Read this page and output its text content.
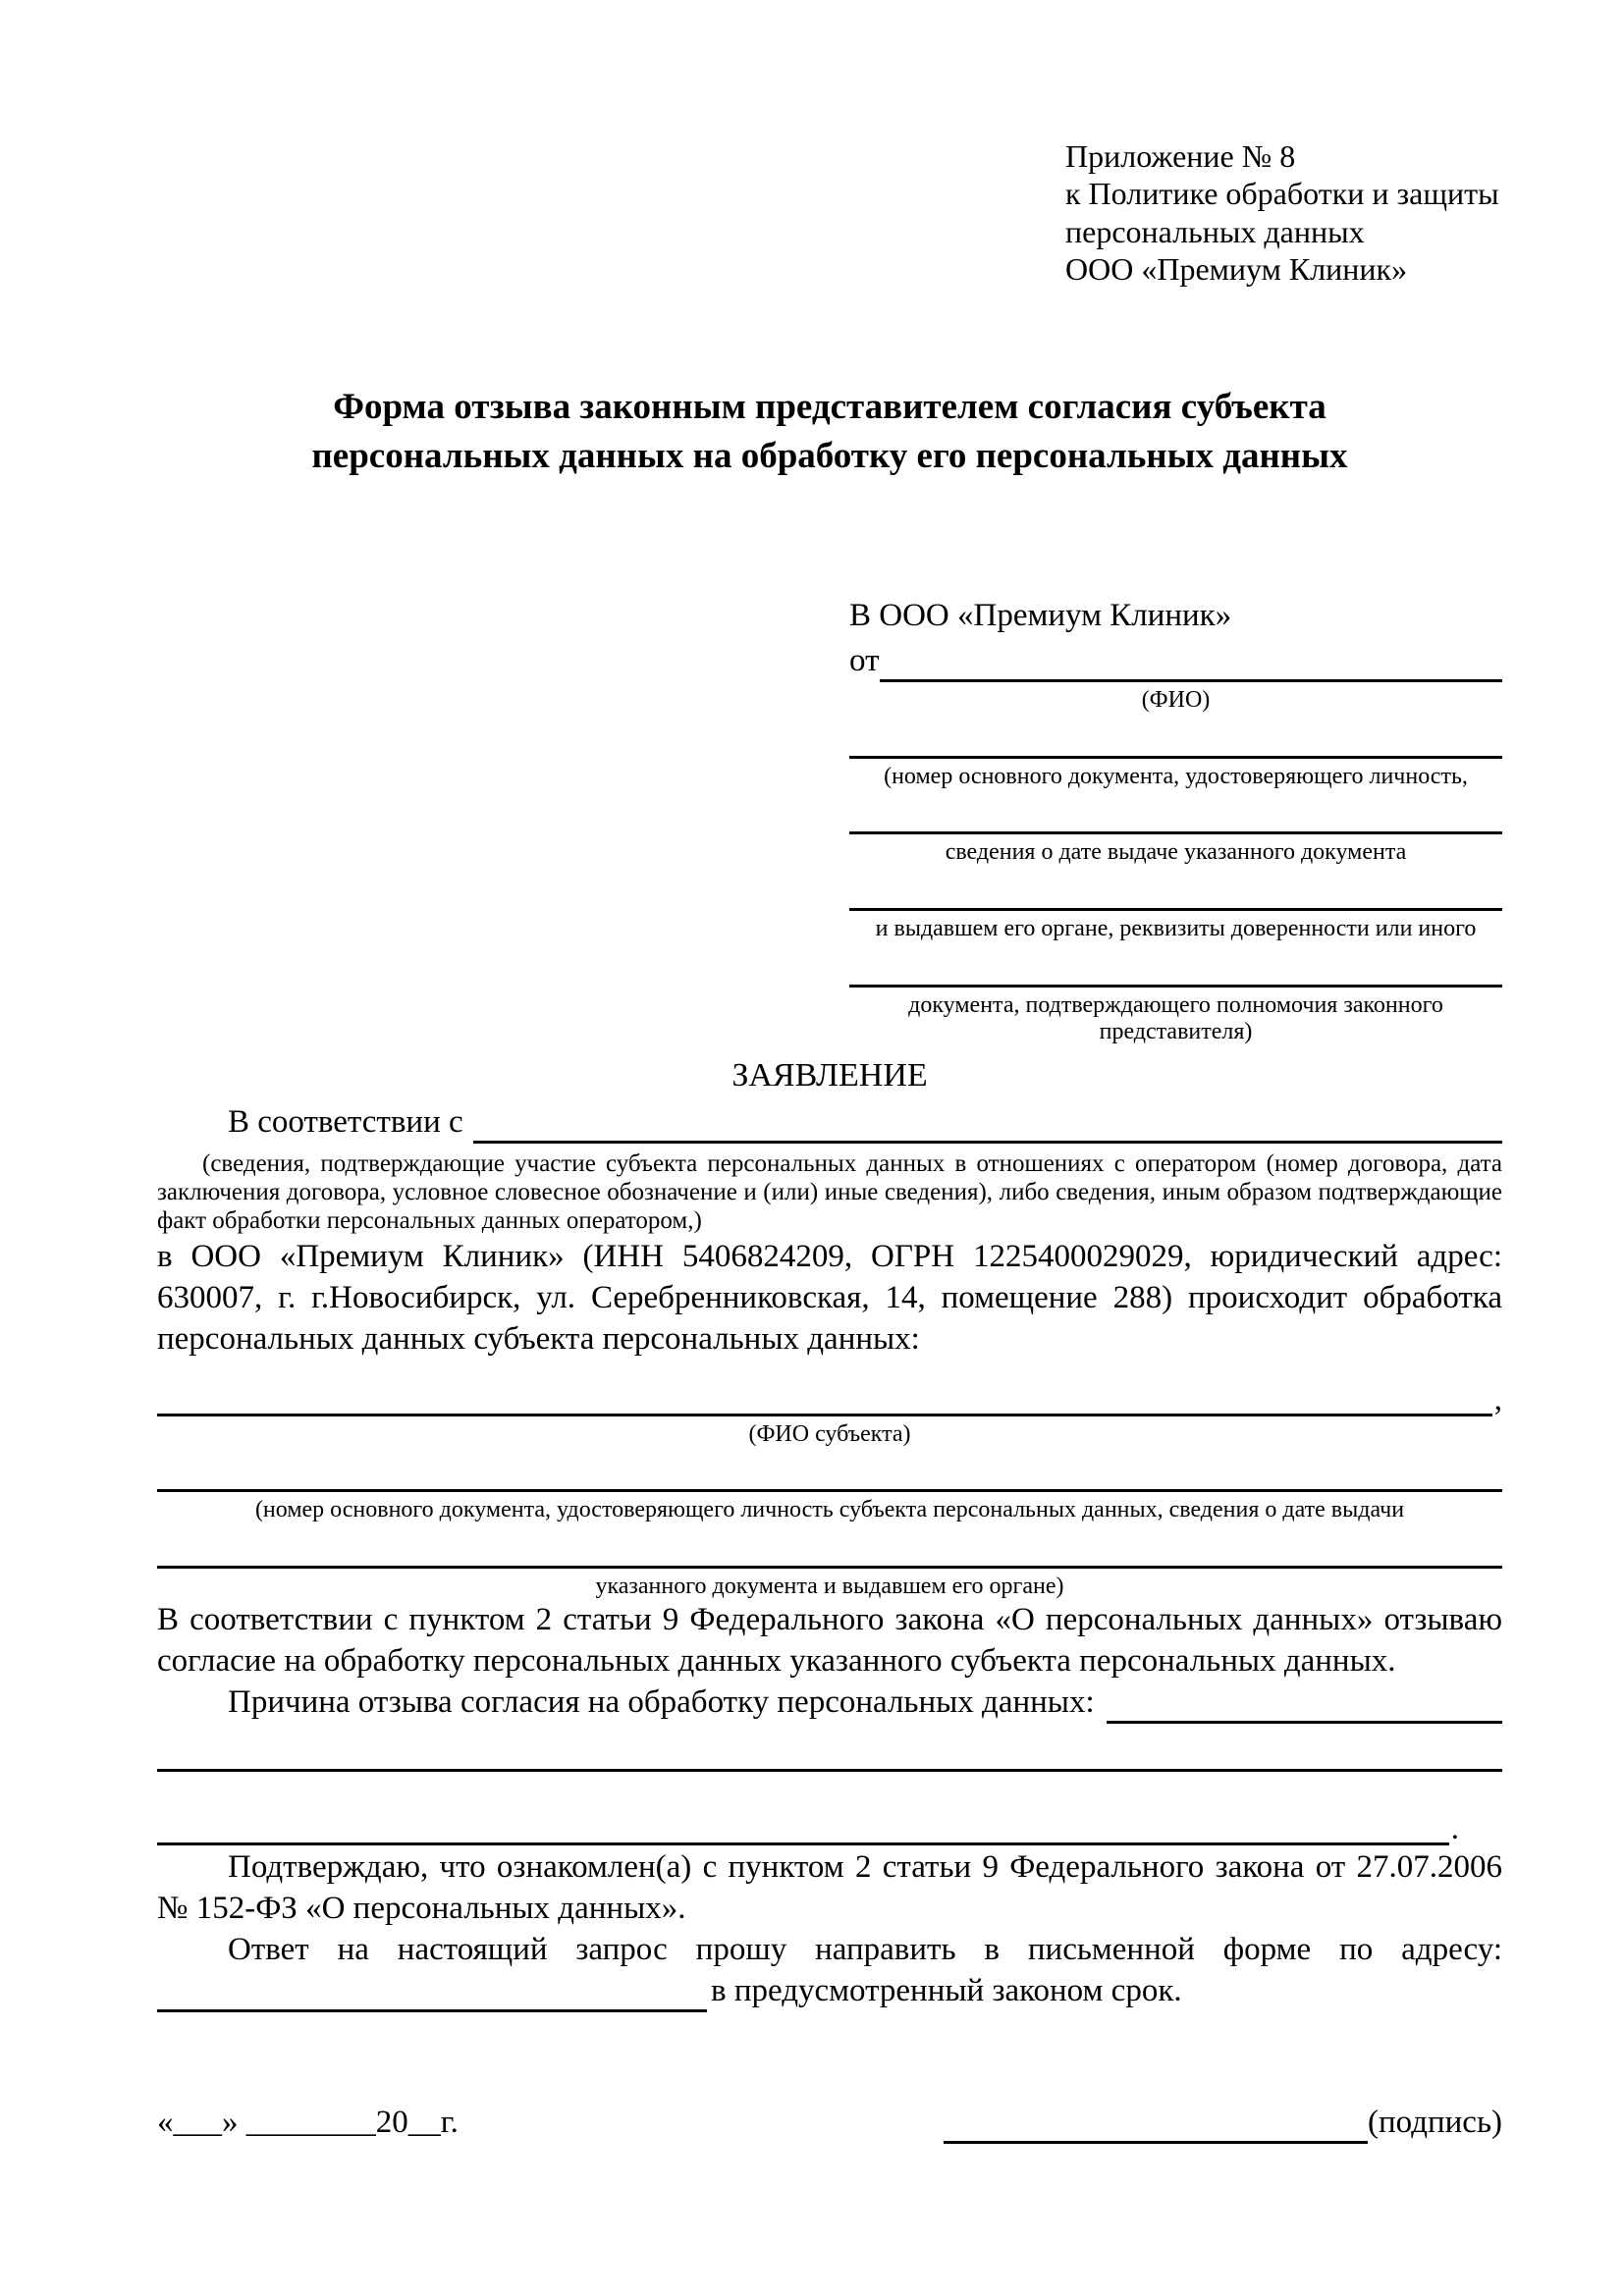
Приложение № 8
к Политике обработки и защиты
персональных данных
ООО «Премиум Клиник»
Форма отзыва законным представителем согласия субъекта персональных данных на обработку его персональных данных
В ООО «Премиум Клиник»
от
(ФИО)
(номер основного документа, удостоверяющего личность,
сведения о дате выдаче указанного документа
и выдавшем его органе, реквизиты доверенности или иного
документа, подтверждающего полномочия законного представителя)
ЗАЯВЛЕНИЕ
В соответствии с
(сведения, подтверждающие участие субъекта персональных данных в отношениях с оператором (номер договора, дата заключения договора, условное словесное обозначение и (или) иные сведения), либо сведения, иным образом подтверждающие факт обработки персональных данных оператором,)

в ООО «Премиум Клиник» (ИНН 5406824209, ОГРН 1225400029029, юридический адрес: 630007, г. г.Новосибирск, ул. Серебренниковская, 14, помещение 288) происходит обработка персональных данных субъекта персональных данных:

,
(ФИО субъекта)
(номер основного документа, удостоверяющего личность субъекта персональных данных, сведения о дате выдачи
указанного документа и выдавшем его органе)

В соответствии с пунктом 2 статьи 9 Федерального закона «О персональных данных» отзываю согласие на обработку персональных данных указанного субъекта персональных данных.

Причина отзыва согласия на обработку персональных данных:
.

Подтверждаю, что ознакомлен(а) с пунктом 2 статьи 9 Федерального закона от 27.07.2006 № 152-ФЗ «О персональных данных».

Ответ на настоящий запрос прошу направить в письменной форме по адресу:
в предусмотренный законом срок.
«___» ________20__г.	(подпись)
